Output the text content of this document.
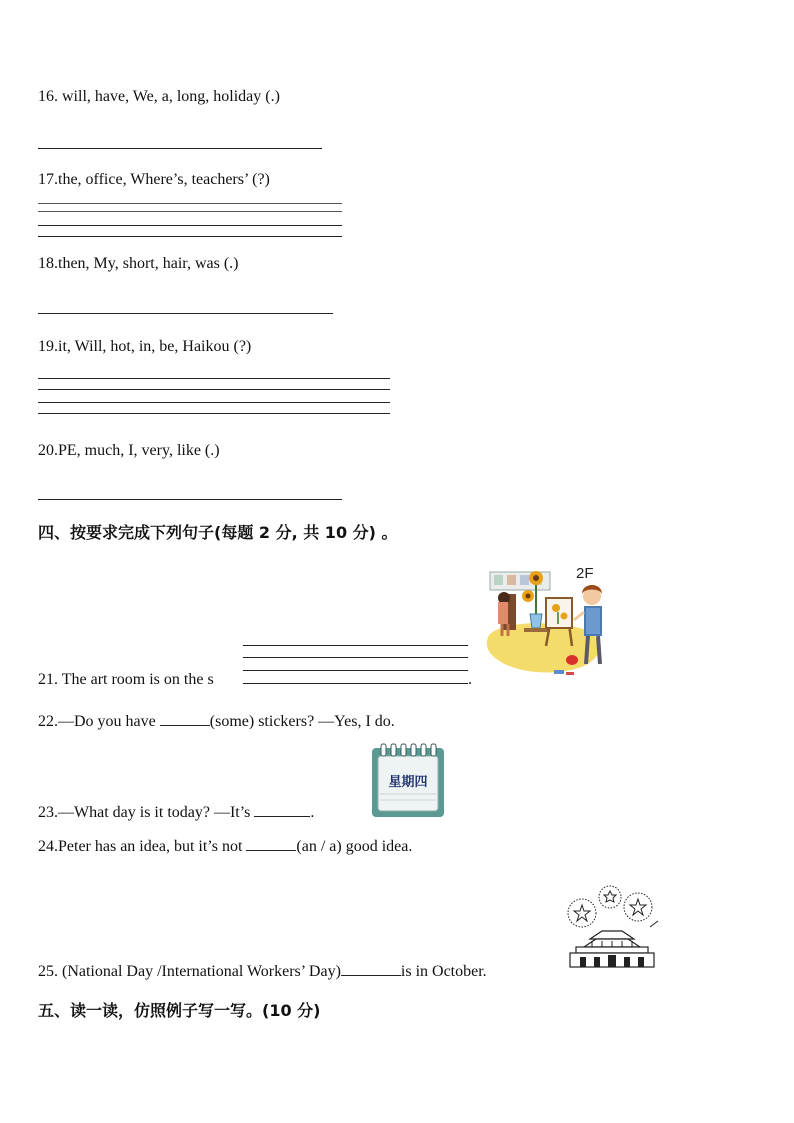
16. will, have, We, a, long, holiday (.)
17.the, office, Where’s, teachers’ (?)
18.then, My, short, hair, was (.)
19.it, Will, hot, in, be, Haikou (?)
20.PE, much, I, very, like (.)
四、按要求完成下列句子(每题 2 分, 共 10 分) 。
2F
21. The art room is on the s	.
22.—Do you have	(some) stickers? —Yes, I do.
星期四
23.—What day is it today? —It’s	.
24.Peter has an idea, but it’s not	(an / a) good idea.
25. (National Day /International Workers’ Day)	is in October.
五、读一读，仿照例子写一写。(10 分)
